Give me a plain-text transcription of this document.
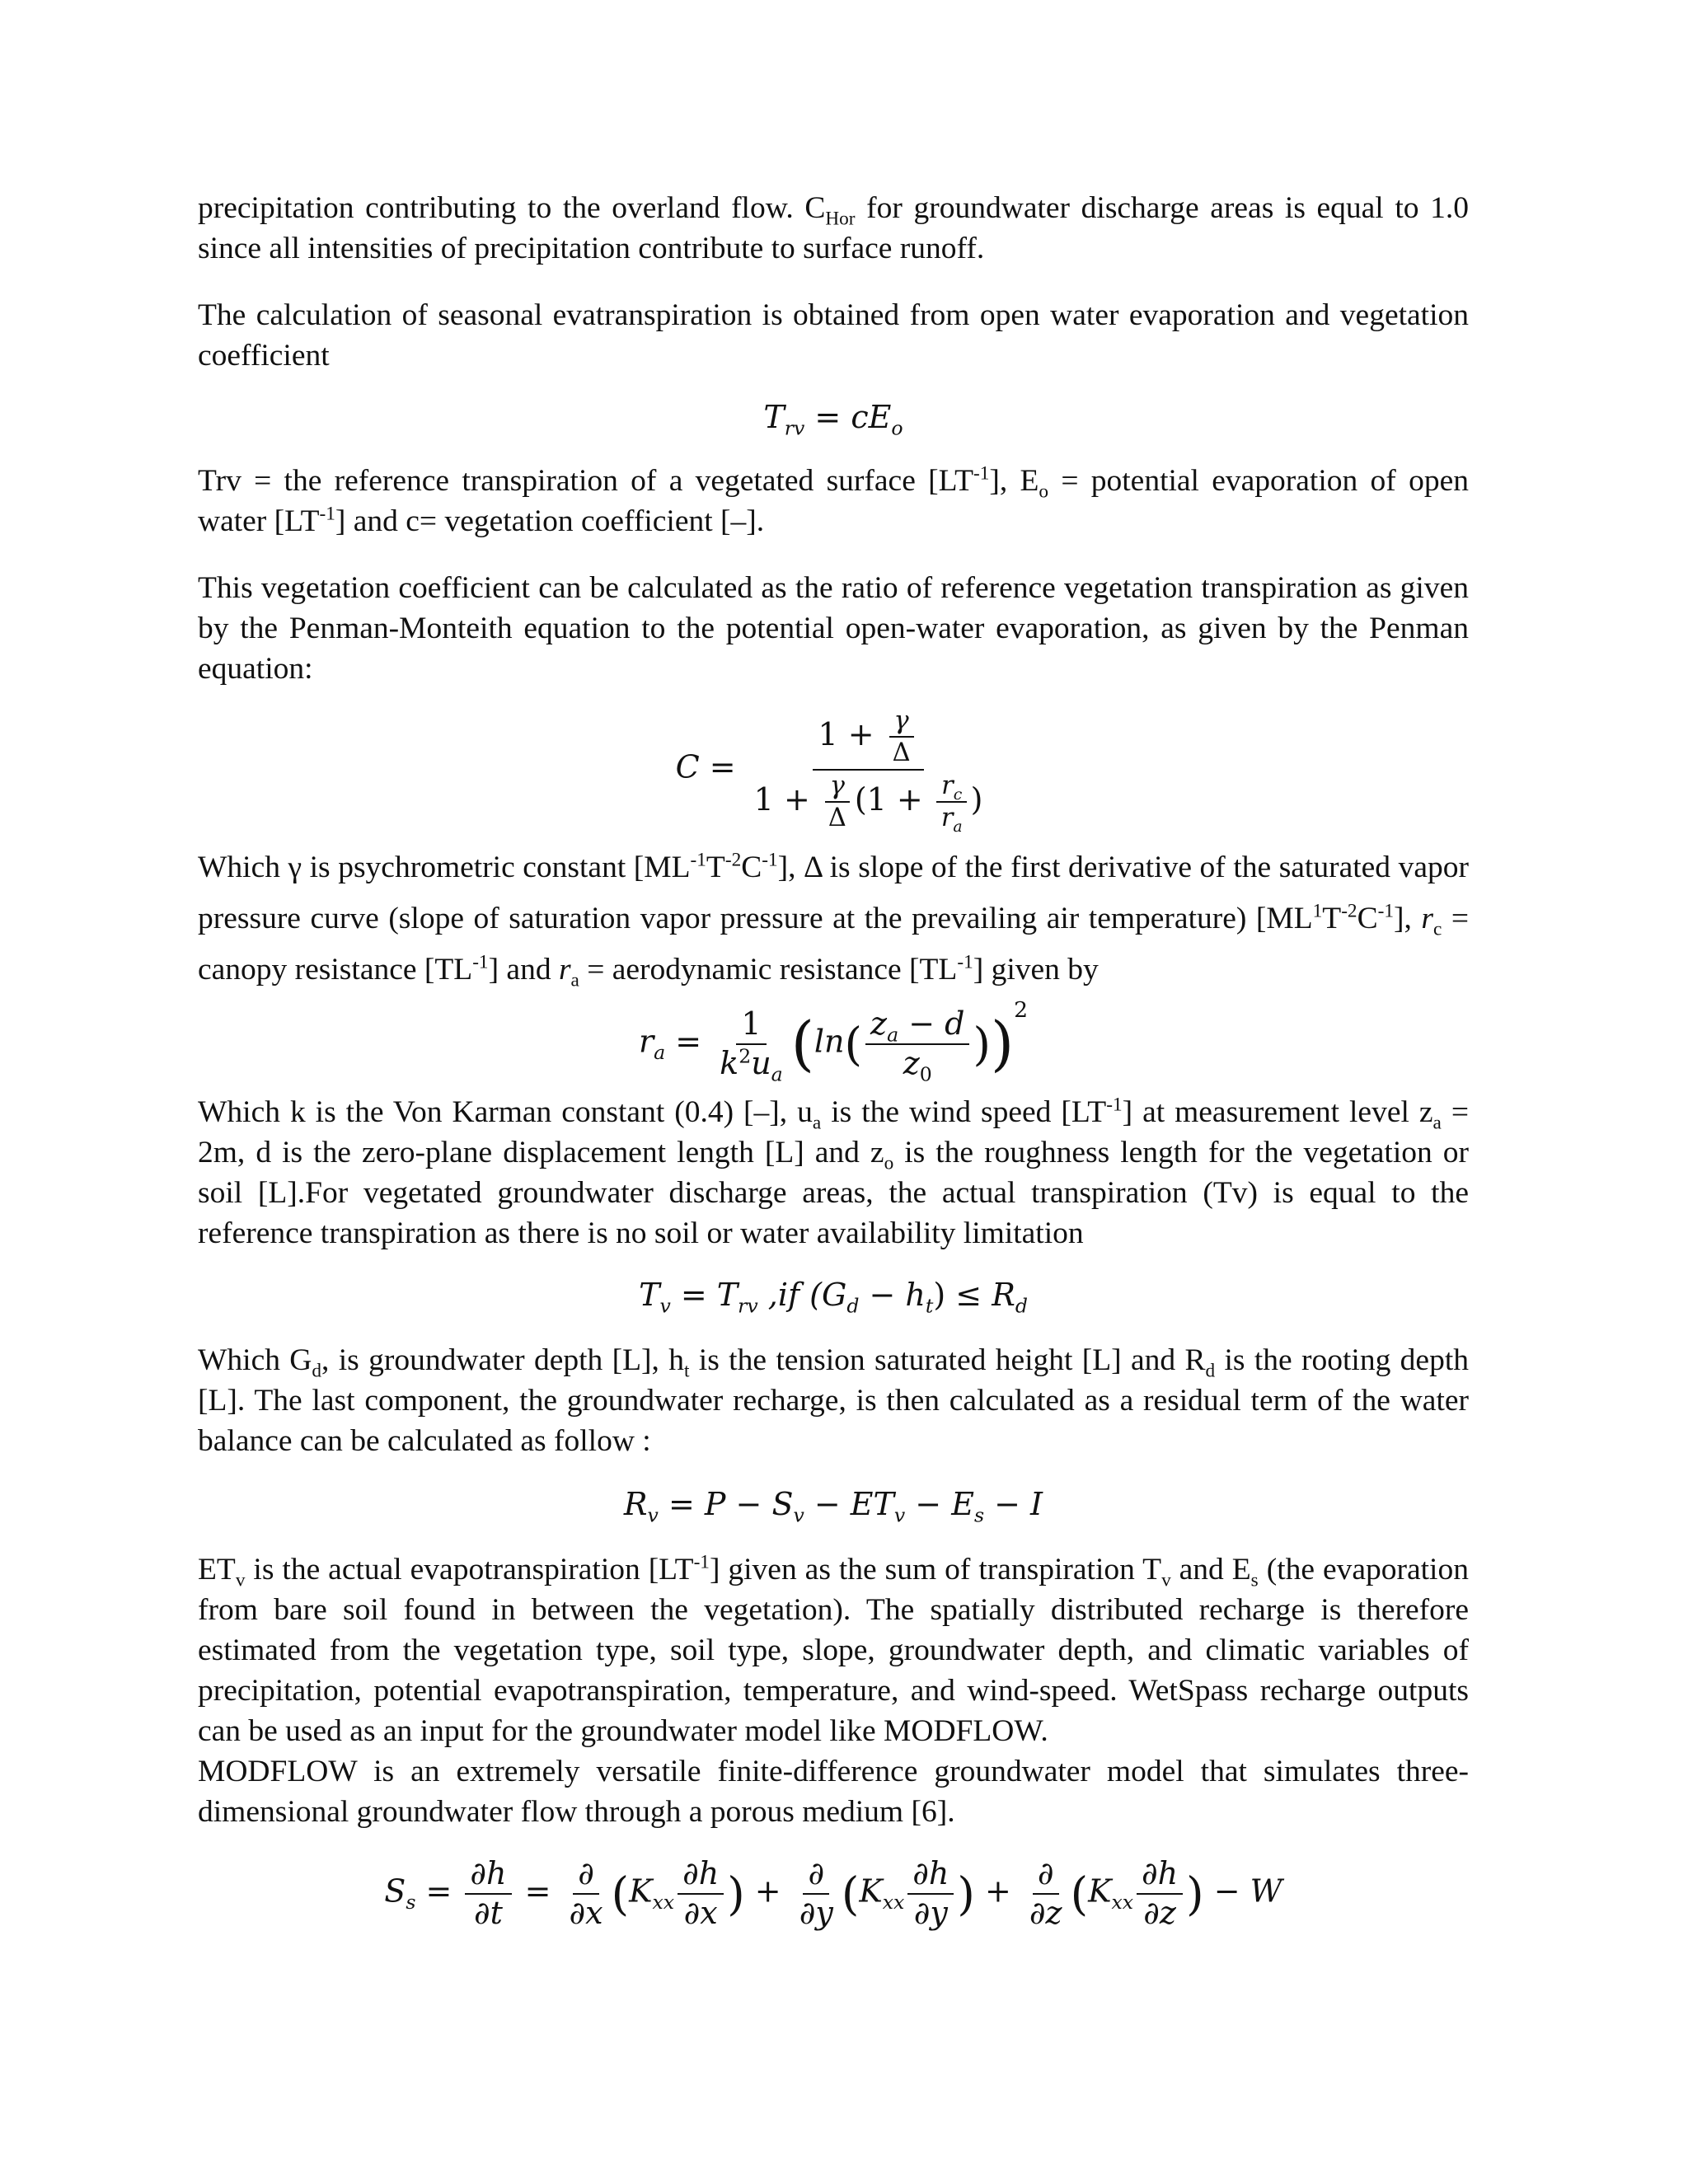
precipitation contributing to the overland flow. $C_{Hor}$ for groundwater discharge areas is equal to 1.0 since all intensities of precipitation contribute to surface runoff.

The calculation of seasonal evatranspiration is obtained from open water evaporation and vegetation coefficient

$T_{rv} = cE_o$

Trv = the reference transpiration of a vegetated surface $[LT^{-1}]$, $E_o$ = potential evaporation of open water $[LT^{-1}]$ and c= vegetation coefficient [–].

This vegetation coefficient can be calculated as the ratio of reference vegetation transpiration as given by the Penman-Monteith equation to the potential open-water evaporation, as given by the Penman equation:

$C = \frac{1 + \frac{\gamma}{\Delta}}{1 + \frac{\gamma}{\Delta} (1 + \frac{r_c}{r_a} )}$

Which γ is psychrometric constant $[ML^{-1}T^{-2}C^{-1}]$, Δ is slope of the first derivative of the saturated vapor pressure curve (slope of saturation vapor pressure at the prevailing air temperature) $[ML^1T^{-2}C^{-1}]$, $r_c$ = canopy resistance $[TL^{-1}]$ and $r_a$ = aerodynamic resistance $[TL^{-1}]$ given by

$r_a = \frac{1}{k^2u_a} (\ln( \frac{z_a - d}{z_0} ))^2$

Which k is the Von Karman constant (0.4) [–], $u_a$ is the wind speed $[LT^{-1}]$ at measurement level $z_a = 2m$, d is the zero-plane displacement length [L] and $z_o$ is the roughness length for the vegetation or soil [L].For vegetated groundwater discharge areas, the actual transpiration (Tv) is equal to the reference transpiration as there is no soil or water availability limitation

$T_v = T_{rv}$ ,if $(G_d - h_t) \le R_d$

Which $G_d$, is groundwater depth [L], $h_t$ is the tension saturated height [L] and $R_d$ is the rooting depth [L]. The last component, the groundwater recharge, is then calculated as a residual term of the water balance can be calculated as follow :

$R_v = P - S_v - ET_v - E_s - I$

$ET_v$ is the actual evapotranspiration $[LT^{-1}]$ given as the sum of transpiration $T_v$ and $E_s$ (the evaporation from bare soil found in between the vegetation). The spatially distributed recharge is therefore estimated from the vegetation type, soil type, slope, groundwater depth, and climatic variables of precipitation, potential evapotranspiration, temperature, and wind-speed. WetSpass recharge outputs can be used as an input for the groundwater model like MODFLOW.

MODFLOW is an extremely versatile finite-difference groundwater model that simulates three-dimensional groundwater flow through a porous medium [6].

$S_s = \frac{\partial h}{\partial t} = \frac{\partial}{\partial x} (K_{xx} \frac{\partial h}{\partial x}$ ) + $\frac{\partial}{\partial y} (K_{xx} \frac{\partial h}{\partial y}$ ) + $\frac{\partial}{\partial z} (K_{xx} \frac{\partial h}{\partial z}$ ) − W
